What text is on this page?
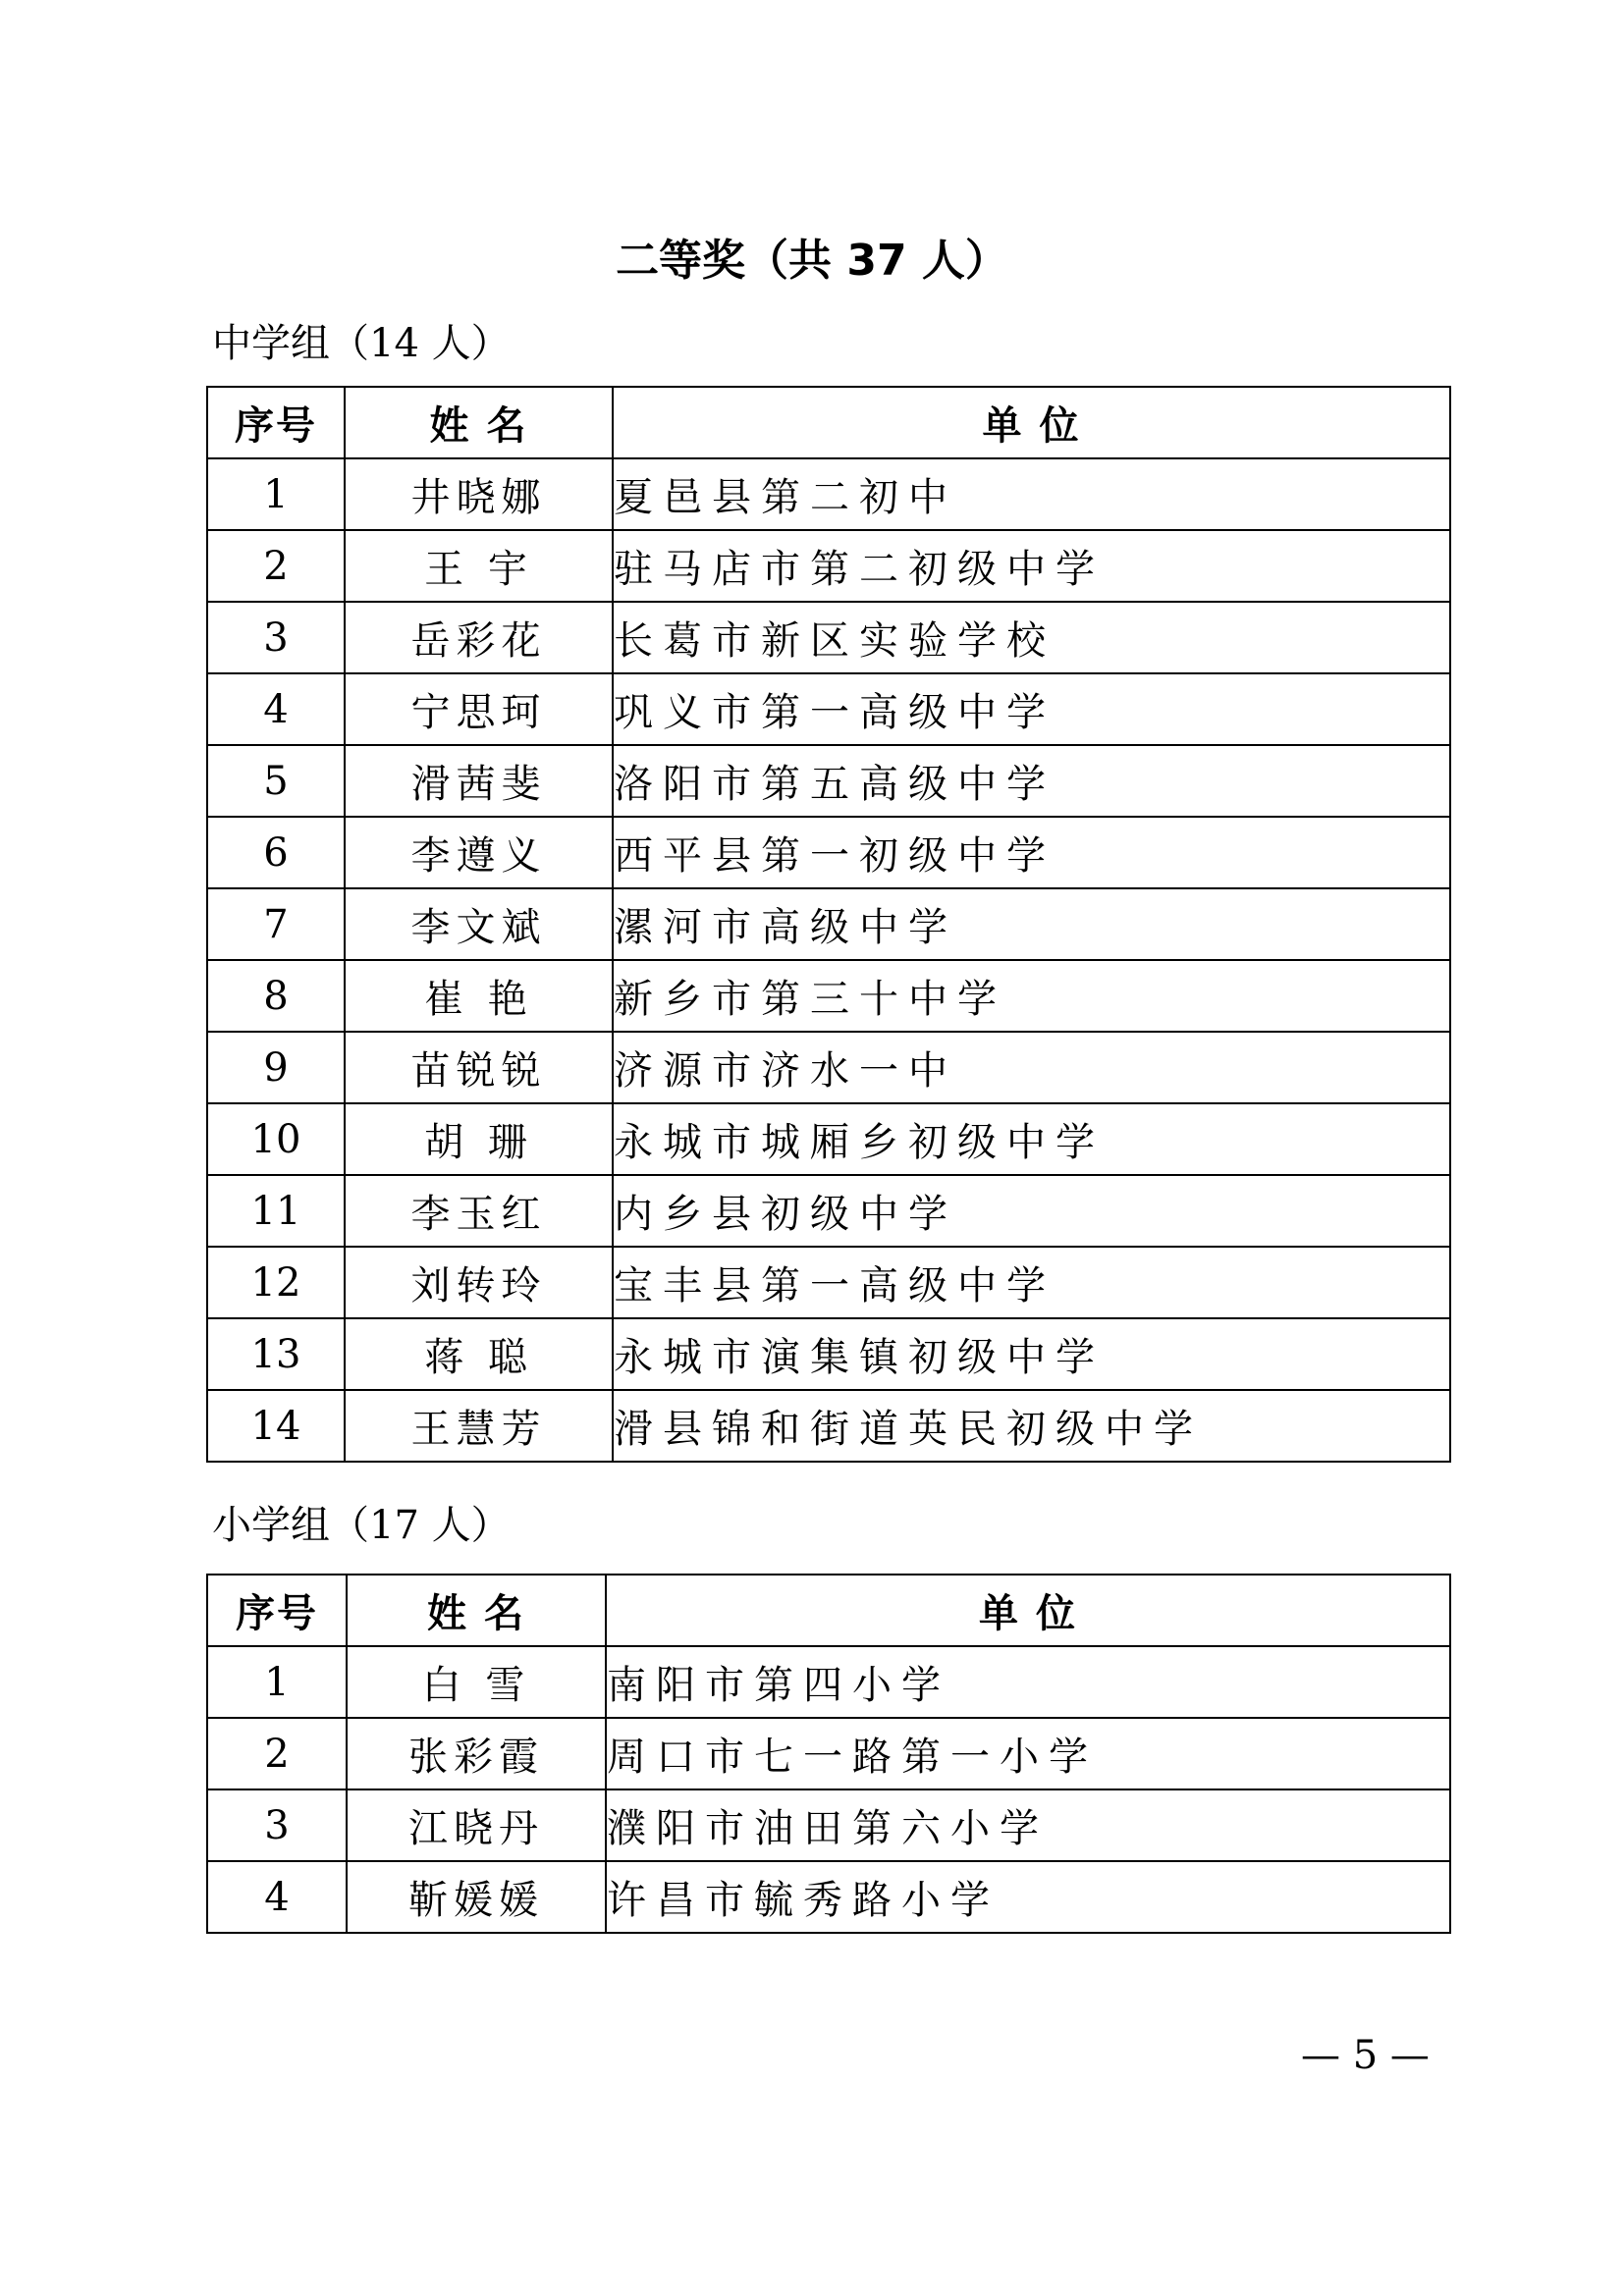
二等奖（共 37 人）
中学组（14 人）
序号	姓 名	单 位
1	井晓娜	夏邑县第二初中
2	王 宇	驻马店市第二初级中学
3	岳彩花	长葛市新区实验学校
4	宁思珂	巩义市第一高级中学
5	滑茜斐	洛阳市第五高级中学
6	李遵义	西平县第一初级中学
7	李文斌	漯河市高级中学
8	崔 艳	新乡市第三十中学
9	苗锐锐	济源市济水一中
10	胡 珊	永城市城厢乡初级中学
11	李玉红	内乡县初级中学
12	刘转玲	宝丰县第一高级中学
13	蒋 聪	永城市演集镇初级中学
14	王慧芳	滑县锦和街道英民初级中学
小学组（17 人）
序号	姓 名	单 位
1	白 雪	南阳市第四小学
2	张彩霞	周口市七一路第一小学
3	江晓丹	濮阳市油田第六小学
4	靳媛媛	许昌市毓秀路小学
— 5 —
